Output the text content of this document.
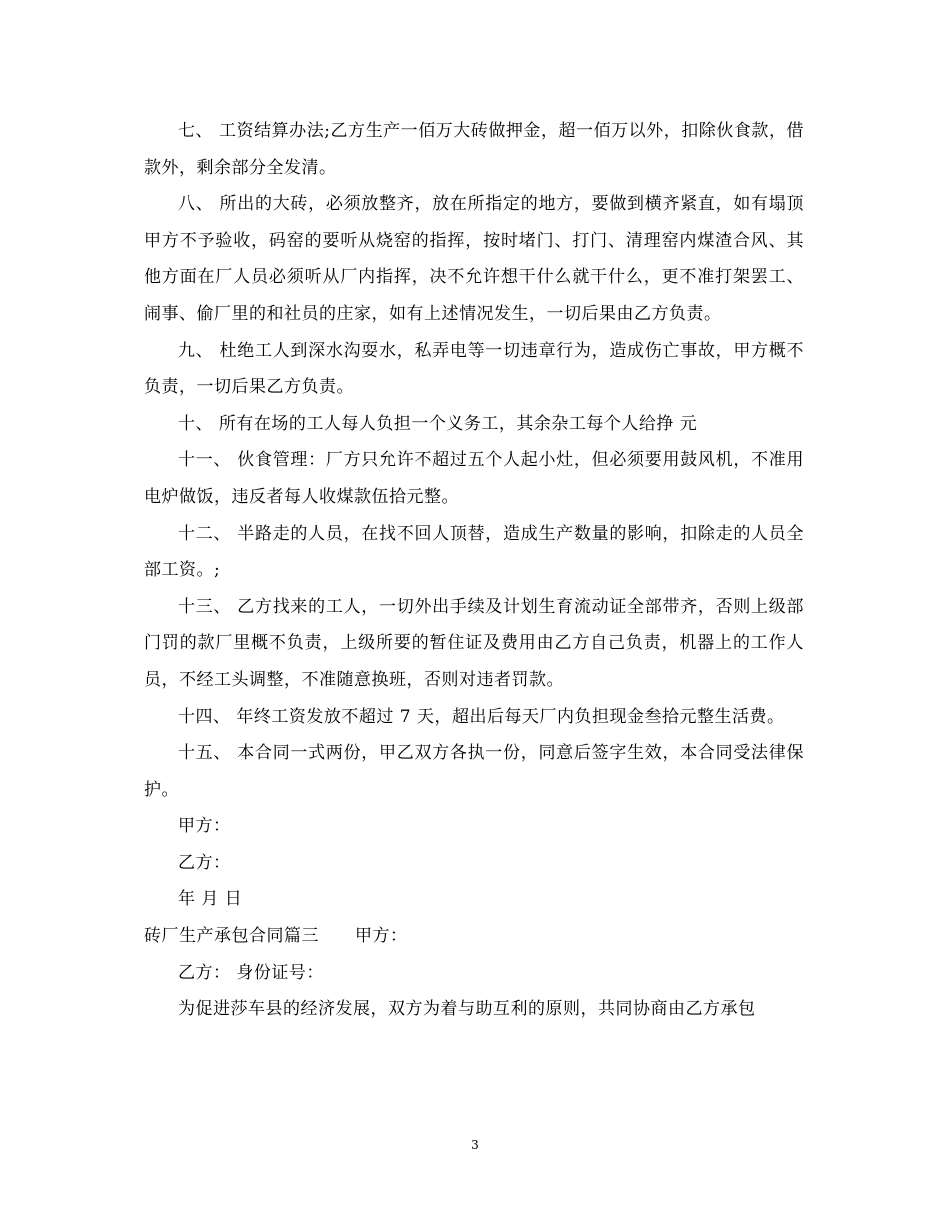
七、 工资结算办法;乙方生产一佰万大砖做押金，超一佰万以外，扣除伙食款，借款外，剩余部分全发清。

八、 所出的大砖，必须放整齐，放在所指定的地方，要做到横齐紧直，如有塌顶甲方不予验收，码窑的要听从烧窑的指挥，按时堵门、打门、清理窑内煤渣合风、其他方面在厂人员必须听从厂内指挥，决不允许想干什么就干什么，更不准打架罢工、闹事、偷厂里的和社员的庄家，如有上述情况发生，一切后果由乙方负责。

九、 杜绝工人到深水沟耍水，私弄电等一切违章行为，造成伤亡事故，甲方概不负责，一切后果乙方负责。

十、 所有在场的工人每人负担一个义务工，其余杂工每个人给挣 元

十一、 伙食管理：厂方只允许不超过五个人起小灶，但必须要用鼓风机，不准用电炉做饭，违反者每人收煤款伍拾元整。

十二、 半路走的人员，在找不回人顶替，造成生产数量的影响，扣除走的人员全部工资。;

十三、 乙方找来的工人，一切外出手续及计划生育流动证全部带齐，否则上级部门罚的款厂里概不负责，上级所要的暂住证及费用由乙方自己负责，机器上的工作人员，不经工头调整，不准随意换班，否则对违者罚款。

十四、 年终工资发放不超过 7 天，超出后每天厂内负担现金叁拾元整生活费。

十五、 本合同一式两份，甲乙双方各执一份，同意后签字生效，本合同受法律保护。

甲方：

乙方：

年 月 日

砖厂生产承包合同篇三 甲方：

乙方： 身份证号：

为促进莎车县的经济发展，双方为着与助互利的原则，共同协商由乙方承包

3
